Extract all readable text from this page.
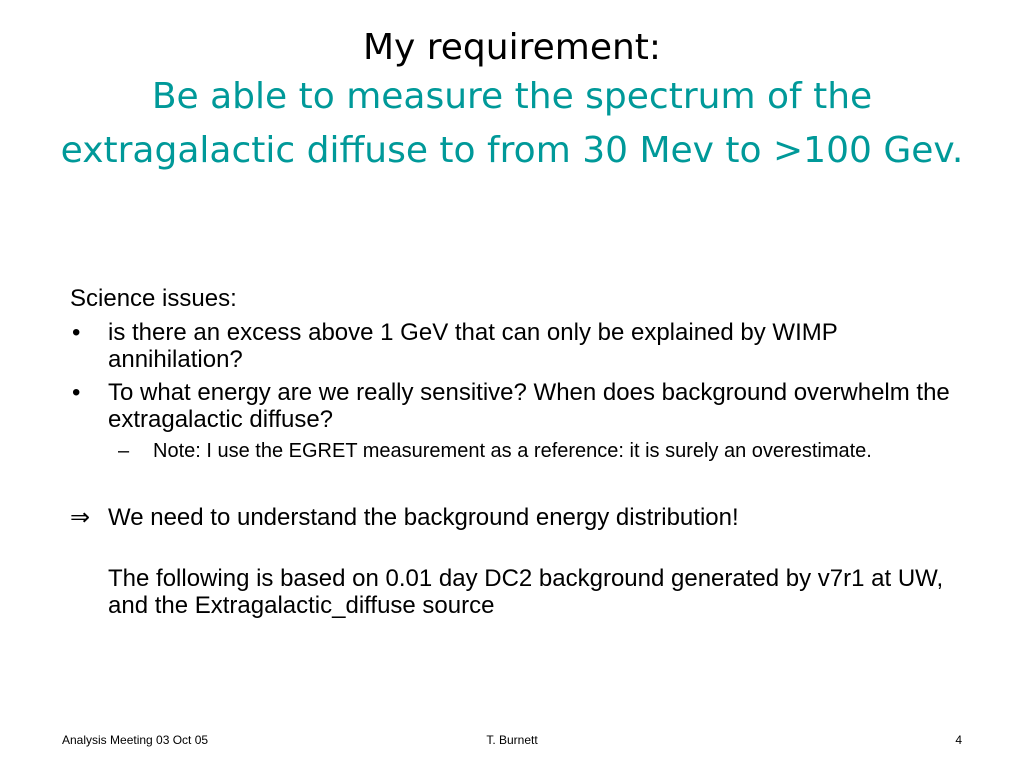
My requirement:

Be able to measure the spectrum of the extragalactic diffuse to from 30 Mev to >100 Gev.

Science issues:

• is there an excess above 1 GeV that can only be explained by WIMP annihilation?
• To what energy are we really sensitive? When does background overwhelm the extragalactic diffuse?
– Note: I use the EGRET measurement as a reference: it is surely an overestimate.
⇒ We need to understand the background energy distribution!

The following is based on 0.01 day DC2 background generated by v7r1 at UW, and the Extragalactic_diffuse source

Analysis Meeting 03 Oct 05	T. Burnett	4
